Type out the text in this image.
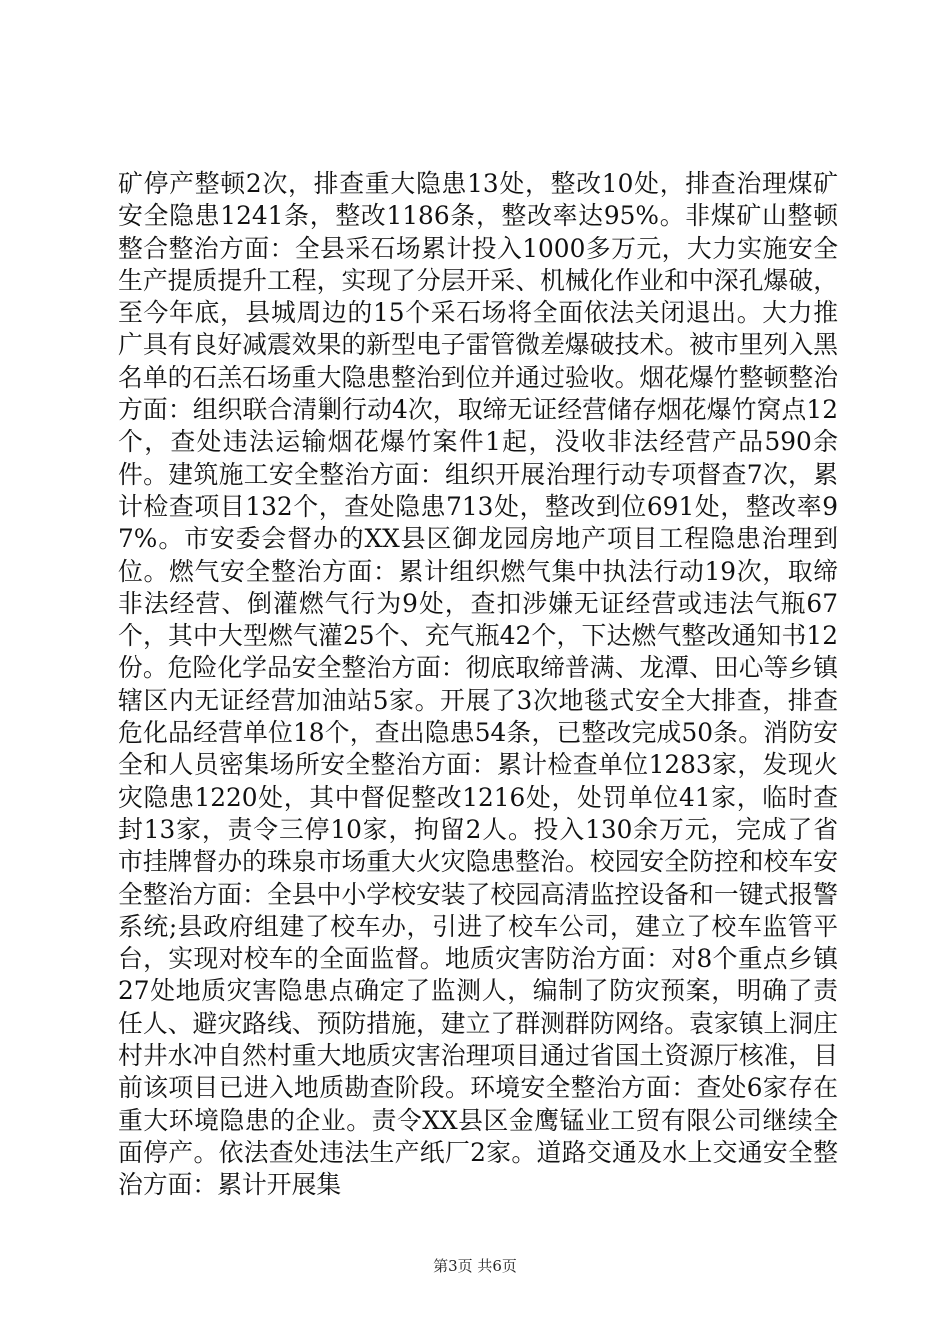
矿停产整顿2次，排查重大隐患13处，整改10处，排查治理煤矿安全隐患1241条，整改1186条，整改率达95%。非煤矿山整顿整合整治方面：全县采石场累计投入1000多万元，大力实施安全生产提质提升工程，实现了分层开采、机械化作业和中深孔爆破，至今年底，县城周边的15个采石场将全面依法关闭退出。大力推广具有良好减震效果的新型电子雷管微差爆破技术。被市里列入黑名单的石羔石场重大隐患整治到位并通过验收。烟花爆竹整顿整治方面：组织联合清剿行动4次，取缔无证经营储存烟花爆竹窝点12个，查处违法运输烟花爆竹案件1起，没收非法经营产品590余件。建筑施工安全整治方面：组织开展治理行动专项督查7次，累计检查项目132个，查处隐患713处，整改到位691处，整改率97%。市安委会督办的XX县区御龙园房地产项目工程隐患治理到位。燃气安全整治方面：累计组织燃气集中执法行动19次，取缔非法经营、倒灌燃气行为9处，查扣涉嫌无证经营或违法气瓶67个，其中大型燃气灌25个、充气瓶42个，下达燃气整改通知书12份。危险化学品安全整治方面：彻底取缔普满、龙潭、田心等乡镇辖区内无证经营加油站5家。开展了3次地毯式安全大排查，排查危化品经营单位18个，查出隐患54条，已整改完成50条。消防安全和人员密集场所安全整治方面：累计检查单位1283家，发现火灾隐患1220处，其中督促整改1216处，处罚单位41家，临时查封13家，责令三停10家，拘留2人。投入130余万元，完成了省市挂牌督办的珠泉市场重大火灾隐患整治。校园安全防控和校车安全整治方面：全县中小学校安装了校园高清监控设备和一键式报警系统;县政府组建了校车办，引进了校车公司，建立了校车监管平台，实现对校车的全面监督。地质灾害防治方面：对8个重点乡镇27处地质灾害隐患点确定了监测人，编制了防灾预案，明确了责任人、避灾路线、预防措施，建立了群测群防网络。袁家镇上洞庄村井水冲自然村重大地质灾害治理项目通过省国土资源厅核准，目前该项目已进入地质勘查阶段。环境安全整治方面：查处6家存在重大环境隐患的企业。责令XX县区金鹰锰业工贸有限公司继续全面停产。依法查处违法生产纸厂2家。道路交通及水上交通安全整治方面：累计开展集

第3页 共6页
